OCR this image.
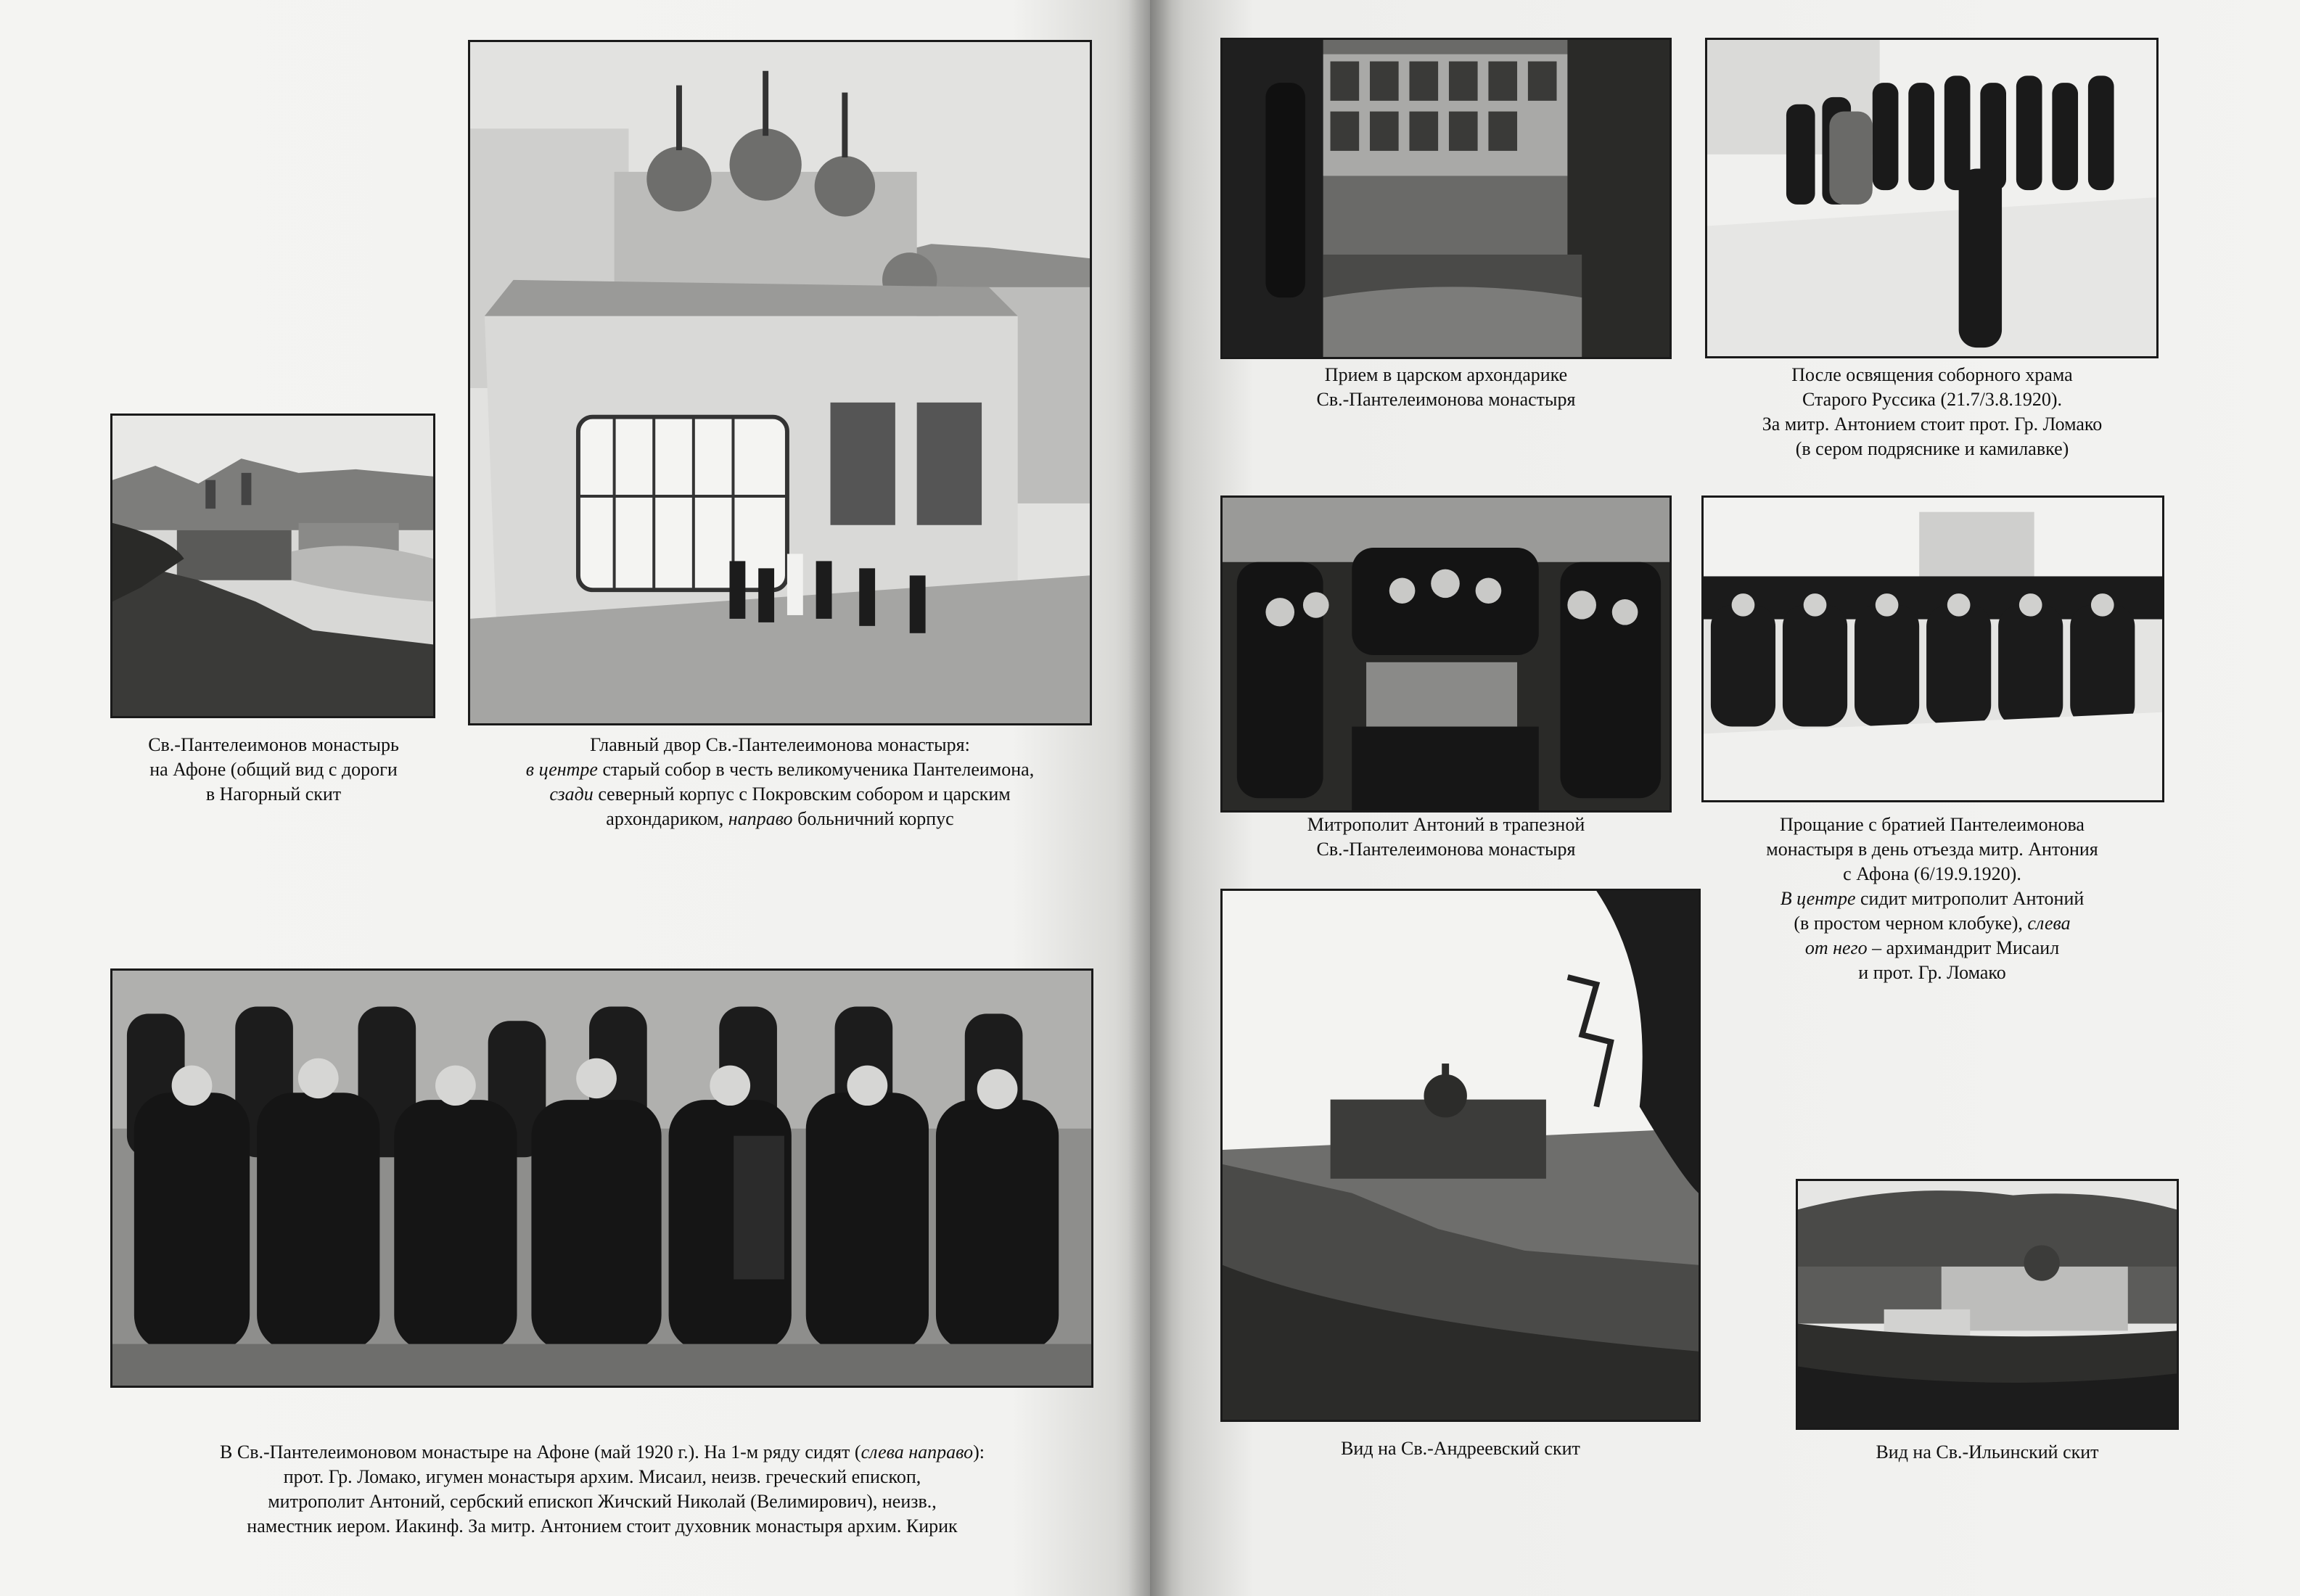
Св.-Пантелеимонов монастырь

на Афоне (общий вид с дороги

в Нагорный скит

Главный двор Св.-Пантелеимонова монастыря:

в центре старый собор в честь великомученика Пантелеимона,

сзади северный корпус с Покровским собором и царским

архондариком, направо больничний корпус

В Св.-Пантелеимоновом монастыре на Афоне (май 1920 г.). На 1-м ряду сидят (слева направо):

прот. Гр. Ломако, игумен монастыря архим. Мисаил, неизв. греческий епископ,

митрополит Антоний, сербский епископ Жичский Николай (Велимирович), неизв.,

наместник иером. Иакинф. За митр. Антонием стоит духовник монастыря архим. Кирик

Прием в царском архондарике

Св.-Пантелеимонова монастыря

После освящения соборного храма

Старого Руссика (21.7/3.8.1920).

За митр. Антонием стоит прот. Гр. Ломако

(в сером подряснике и камилавке)

Митрополит Антоний в трапезной

Св.-Пантелеимонова монастыря

Прощание с братией Пантелеимонова

монастыря в день отъезда митр. Антония

с Афона (6/19.9.1920).

В центре сидит митрополит Антоний

(в простом черном клобуке), слева

от него – архимандрит Мисаил

и прот. Гр. Ломако

Вид на Св.-Андреевский скит	Вид на Св.-Ильинский скит
